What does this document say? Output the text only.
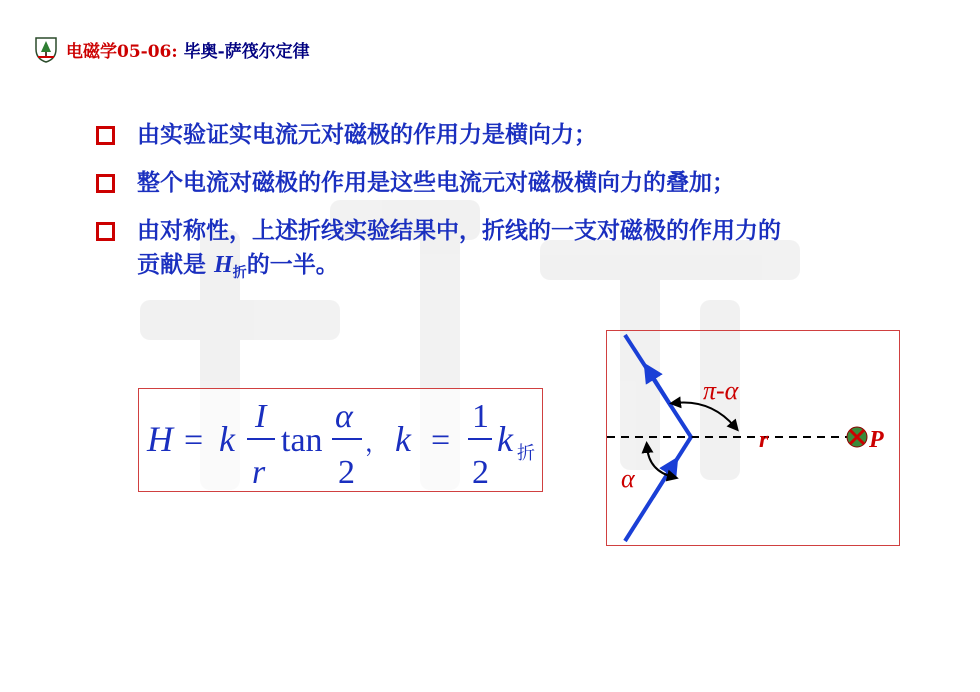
电磁学05-06: 毕奥-萨筏尔定律
由实验证实电流元对磁极的作用力是横向力；
整个电流对磁极的作用是这些电流元对磁极横向力的叠加；
由对称性，上述折线实验结果中，折线的一支对磁极的作用力的贡献是 $H_折$的一半。
H = k
I
r
tan
α
2
， k =
1
2
k 折
π-α
α
r	P
